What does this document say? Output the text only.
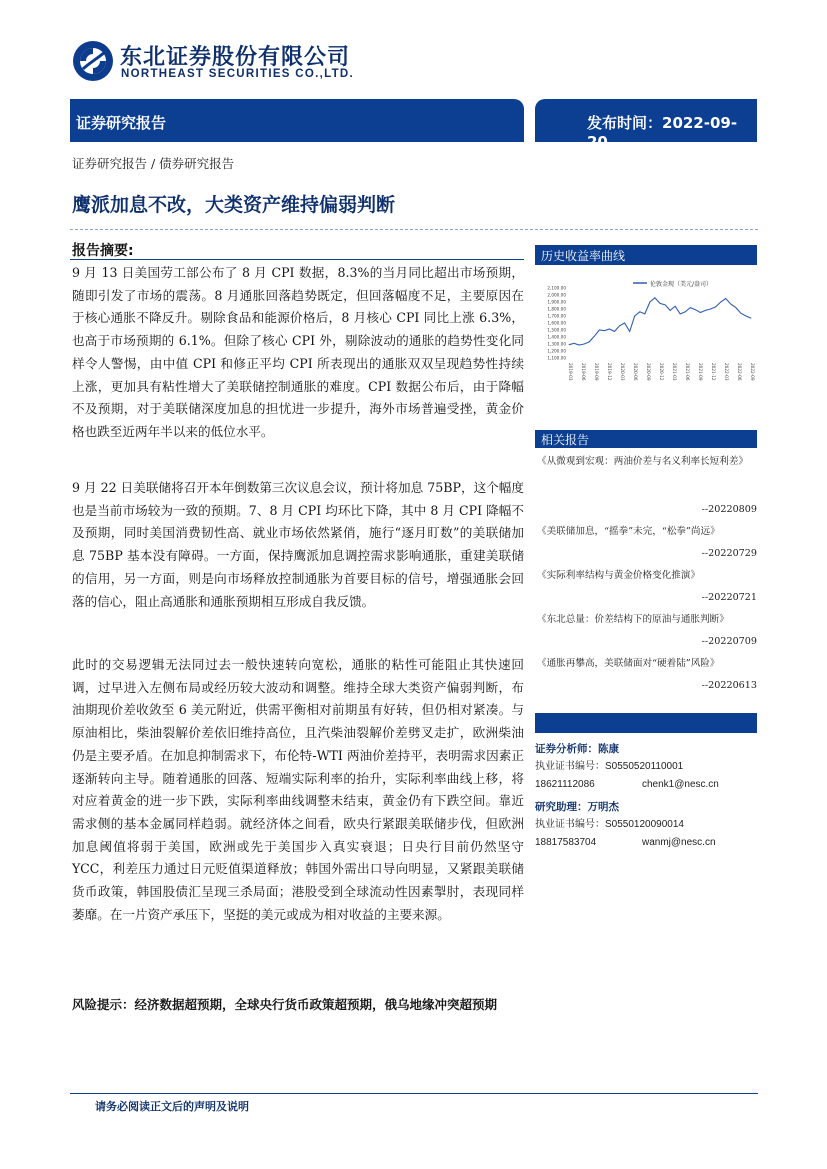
东北证券股份有限公司
NORTHEAST SECURITIES CO.,LTD.
证券研究报告	发布时间：2022-09-20
证券研究报告 / 债券研究报告
鹰派加息不改，大类资产维持偏弱判断
报告摘要:
9 月 13 日美国劳工部公布了 8 月 CPI 数据，8.3%的当月同比超出市场预期，随即引发了市场的震荡。8 月通胀回落趋势既定，但回落幅度不足，主要原因在于核心通胀不降反升。剔除食品和能源价格后，8 月核心 CPI 同比上涨 6.3%，也高于市场预期的 6.1%。但除了核心 CPI 外，剔除波动的通胀的趋势性变化同样令人警惕，由中值 CPI 和修正平均 CPI 所表现出的通胀双双呈现趋势性持续上涨，更加具有粘性增大了美联储控制通胀的难度。CPI 数据公布后，由于降幅不及预期，对于美联储深度加息的担忧进一步提升，海外市场普遍受挫，黄金价格也跌至近两年半以来的低位水平。
9 月 22 日美联储将召开本年倒数第三次议息会议，预计将加息 75BP，这个幅度也是当前市场较为一致的预期。7、8 月 CPI 均环比下降，其中 8 月 CPI 降幅不及预期，同时美国消费韧性高、就业市场依然紧俏，施行“逐月盯数”的美联储加息 75BP 基本没有障碍。一方面，保持鹰派加息调控需求影响通胀，重建美联储的信用，另一方面，则是向市场释放控制通胀为首要目标的信号，增强通胀会回落的信心，阻止高通胀和通胀预期相互形成自我反馈。
此时的交易逻辑无法同过去一般快速转向宽松，通胀的粘性可能阻止其快速回调，过早进入左侧布局或经历较大波动和调整。维持全球大类资产偏弱判断，布油期现价差收敛至 6 美元附近，供需平衡相对前期虽有好转，但仍相对紧凑。与原油相比，柴油裂解价差依旧维持高位，且汽柴油裂解价差劈叉走扩，欧洲柴油仍是主要矛盾。在加息抑制需求下，布伦特-WTI 两油价差持平，表明需求因素正逐渐转向主导。随着通胀的回落、短端实际利率的抬升，实际利率曲线上移，将对应着黄金的进一步下跌，实际利率曲线调整未结束，黄金仍有下跌空间。靠近需求侧的基本金属同样趋弱。就经济体之间看，欧央行紧跟美联储步伐，但欧洲加息阈值将弱于美国，欧洲或先于美国步入真实衰退；日央行目前仍然坚守 YCC，利差压力通过日元贬值渠道释放；韩国外需出口导向明显，又紧跟美联储货币政策，韩国股债汇呈现三杀局面；港股受到全球流动性因素掣肘，表现同样萎靡。在一片资产承压下，坚挺的美元或成为相对收益的主要来源。
风险提示：经济数据超预期，全球央行货币政策超预期，俄乌地缘冲突超预期
历史收益率曲线
伦敦金现（美元/盎司）
2,100.00
2,000.00
1,900.00
1,800.00
1,700.00
1,600.00
1,500.00
1,400.00
1,300.00
1,200.00
1,100.00
2019-03 2019-06 2019-09 2019-12 2020-03 2020-06 2020-09 2020-12 2021-03 2021-06 2021-09 2021-12 2022-03 2022-06 2022-09
相关报告
《从微观到宏观：两油价差与名义利率长短利差》
--20220809
《美联储加息，“摇拳”未完，“松拳”尚远》
--20220729
《实际利率结构与黄金价格变化推演》
--20220721
《东北总量：价差结构下的原油与通胀判断》
--20220709
《通胀再攀高，美联储面对“硬着陆”风险》
--20220613
证券分析师：陈康
执业证书编号：S0550520110001
18621112086	chenk1@nesc.cn
研究助理：万明杰
执业证书编号：S0550120090014
18817583704	wanmj@nesc.cn
请务必阅读正文后的声明及说明
